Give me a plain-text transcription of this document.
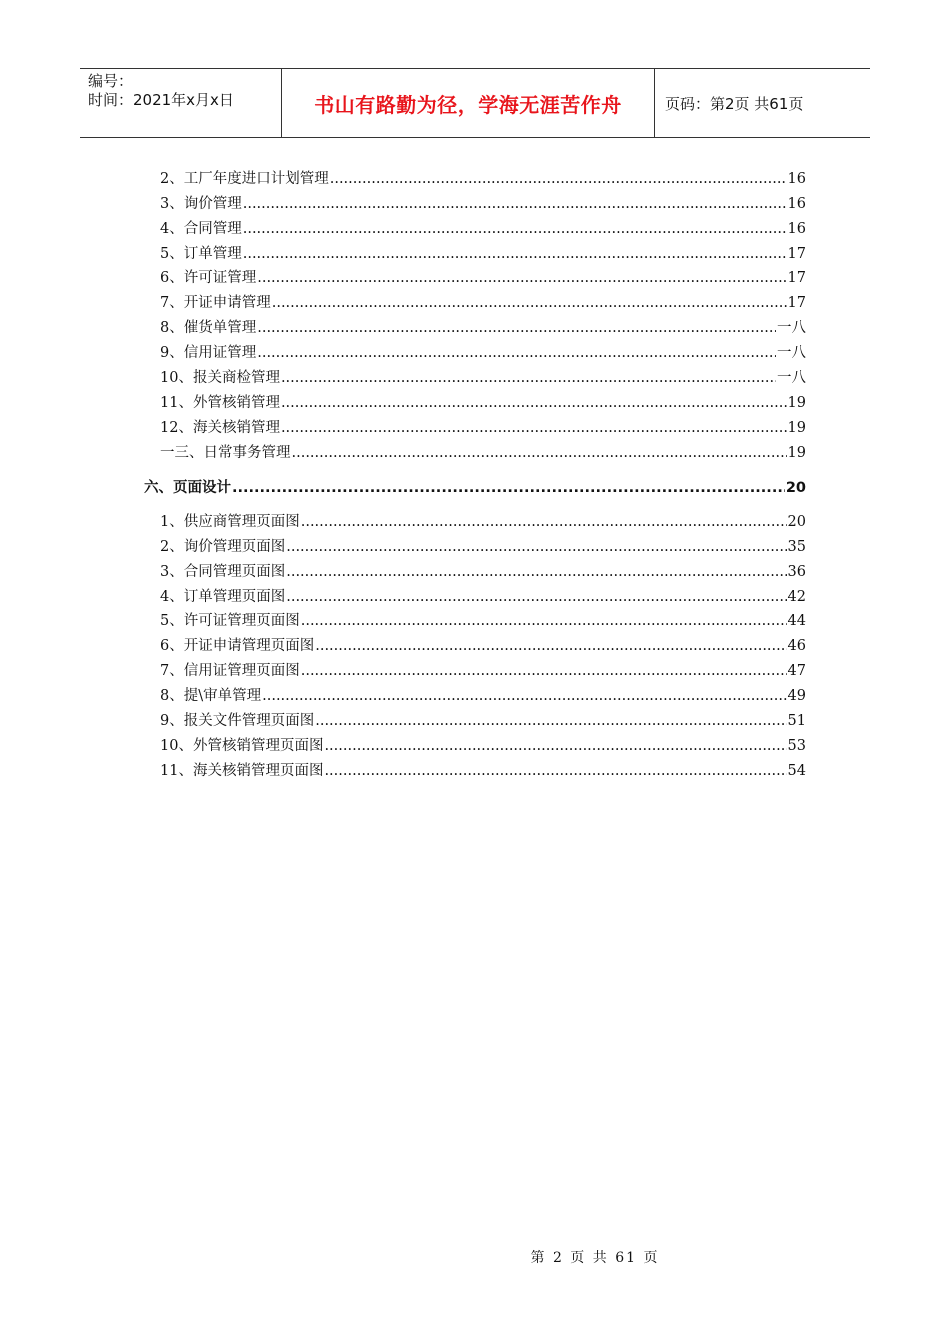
编号：
时间：2021年x月x日	书山有路勤为径，学海无涯苦作舟	页码：第2页 共61页
2、工厂年度进口计划管理 .....	16
3、询价管理 .....	16
4、合同管理 .....	16
5、订单管理 .....	17
6、许可证管理 .....	17
7、开证申请管理 .....	17
8、催货单管理 .....	一八
9、信用证管理 .....	一八
10、报关商检管理 .....	一八
11、外管核销管理 .....	19
12、海关核销管理 .....	19
一三、日常事务管理 .....	19
六、页面设计 .....	20
1、供应商管理页面图 .....	20
2、询价管理页面图 .....	35
3、合同管理页面图 .....	36
4、订单管理页面图 .....	42
5、许可证管理页面图 .....	44
6、开证申请管理页面图 .....	46
7、信用证管理页面图 .....	47
8、提\审单管理 .....	49
9、报关文件管理页面图 .....	51
10、外管核销管理页面图 .....	53
11、海关核销管理页面图 .....	54
第 2 页 共 61 页
